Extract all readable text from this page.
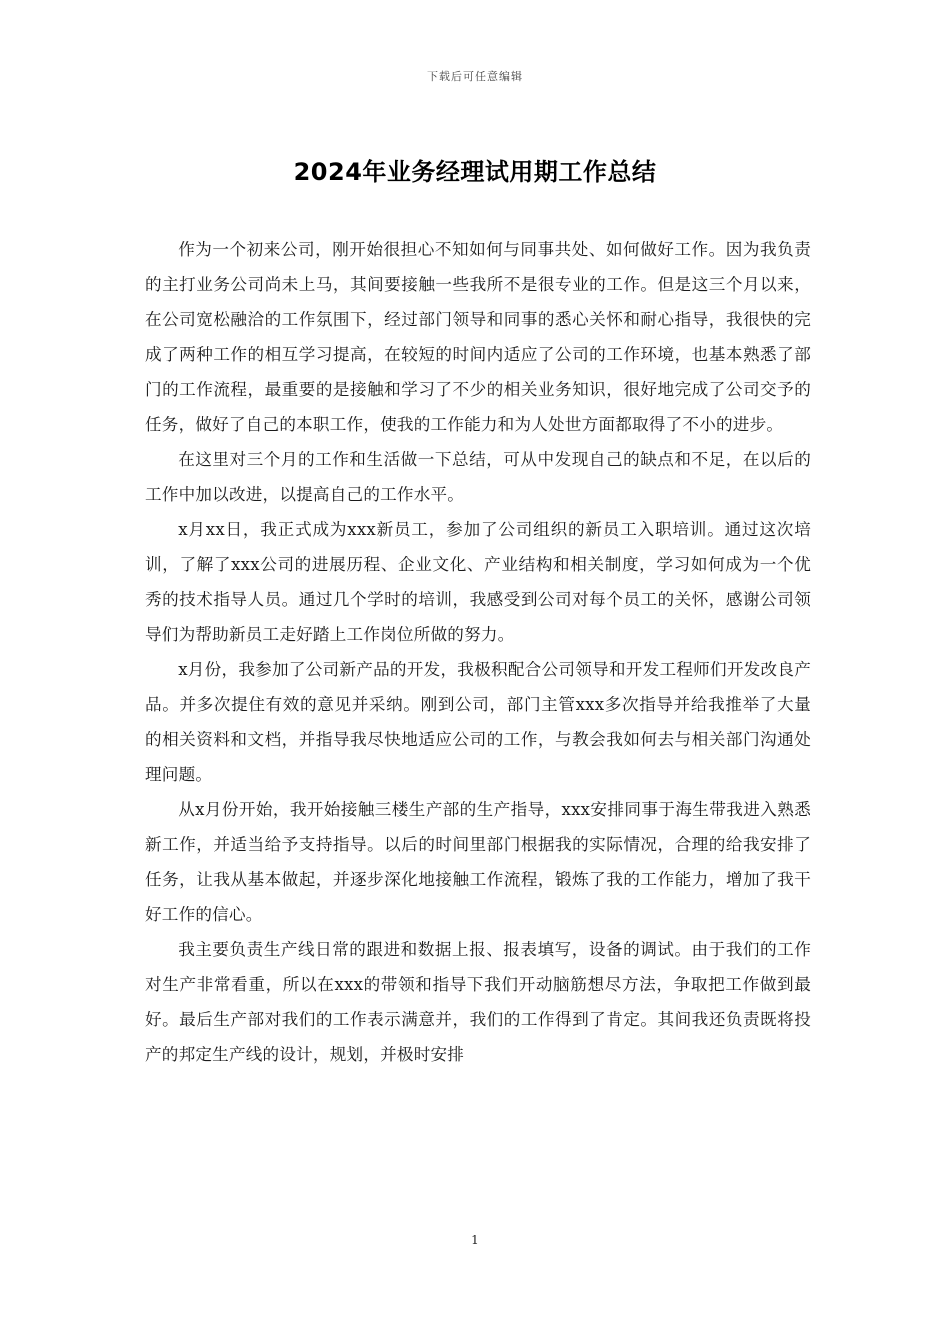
下载后可任意编辑
2024年业务经理试用期工作总结

作为一个初来公司，刚开始很担心不知如何与同事共处、如何做好工作。因为我负责的主打业务公司尚未上马，其间要接触一些我所不是很专业的工作。但是这三个月以来，在公司宽松融洽的工作氛围下，经过部门领导和同事的悉心关怀和耐心指导，我很快的完成了两种工作的相互学习提高，在较短的时间内适应了公司的工作环境，也基本熟悉了部门的工作流程，最重要的是接触和学习了不少的相关业务知识，很好地完成了公司交予的任务，做好了自己的本职工作，使我的工作能力和为人处世方面都取得了不小的进步。

在这里对三个月的工作和生活做一下总结，可从中发现自己的缺点和不足，在以后的工作中加以改进，以提高自己的工作水平。

x月xx日，我正式成为xxx新员工，参加了公司组织的新员工入职培训。通过这次培训，了解了xxx公司的进展历程、企业文化、产业结构和相关制度，学习如何成为一个优秀的技术指导人员。通过几个学时的培训，我感受到公司对每个员工的关怀，感谢公司领导们为帮助新员工走好踏上工作岗位所做的努力。

x月份，我参加了公司新产品的开发，我极积配合公司领导和开发工程师们开发改良产品。并多次提住有效的意见并采纳。刚到公司，部门主管xxx多次指导并给我推举了大量的相关资料和文档，并指导我尽快地适应公司的工作，与教会我如何去与相关部门沟通处理问题。

从x月份开始，我开始接触三楼生产部的生产指导，xxx安排同事于海生带我进入熟悉新工作，并适当给予支持指导。以后的时间里部门根据我的实际情况，合理的给我安排了任务，让我从基本做起，并逐步深化地接触工作流程，锻炼了我的工作能力，增加了我干好工作的信心。

我主要负责生产线日常的跟进和数据上报、报表填写，设备的调试。由于我们的工作对生产非常看重，所以在xxx的带领和指导下我们开动脑筋想尽方法，争取把工作做到最好。最后生产部对我们的工作表示满意并，我们的工作得到了肯定。其间我还负责既将投产的邦定生产线的设计，规划，并极时安排

1
